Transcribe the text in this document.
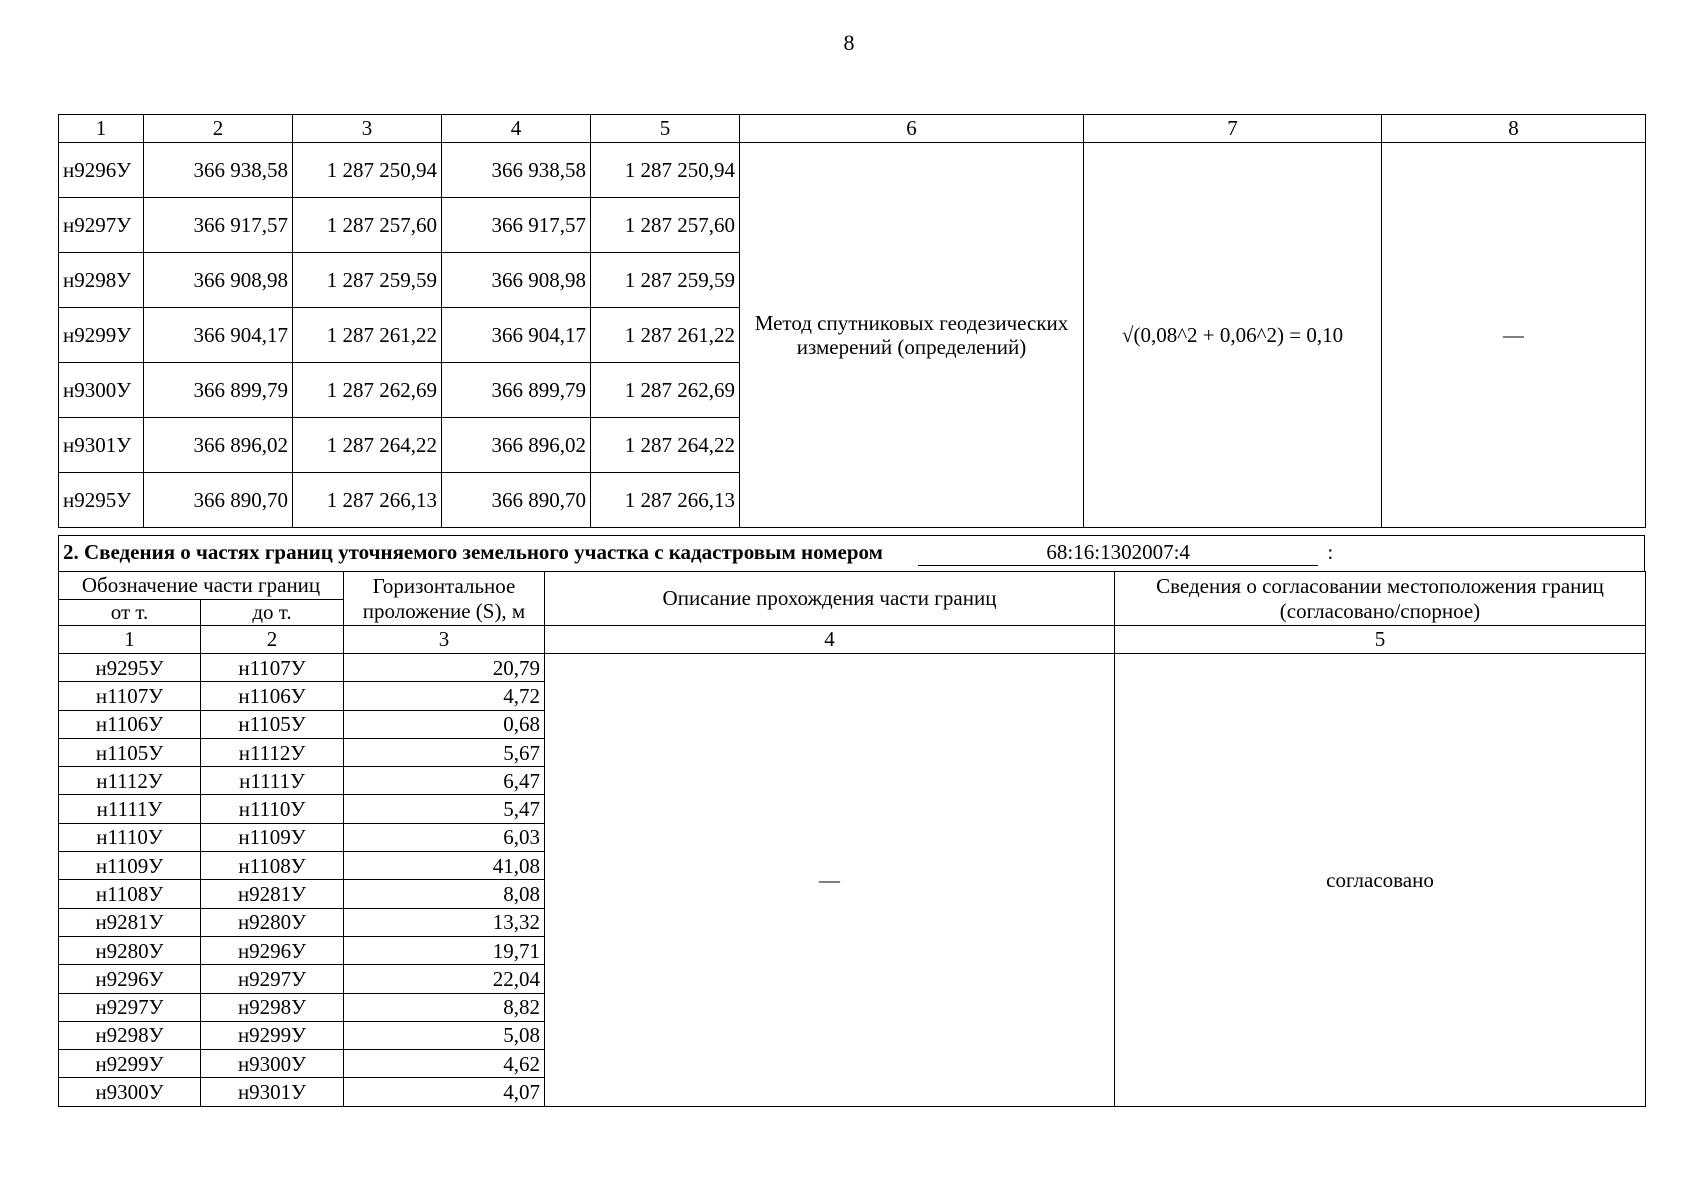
8
1	2	3	4	5	6	7	8
н9296У	366 938,58	1 287 250,94	366 938,58	1 287 250,94	Метод спутниковых геодезических измерений (определений)	√(0,08^2 + 0,06^2) = 0,10	—
н9297У	366 917,57	1 287 257,60	366 917,57	1 287 257,60			
н9298У	366 908,98	1 287 259,59	366 908,98	1 287 259,59			
н9299У	366 904,17	1 287 261,22	366 904,17	1 287 261,22			
н9300У	366 899,79	1 287 262,69	366 899,79	1 287 262,69			
н9301У	366 896,02	1 287 264,22	366 896,02	1 287 264,22			
н9295У	366 890,70	1 287 266,13	366 890,70	1 287 266,13			
2. Сведения о частях границ уточняемого земельного участка с кадастровым номером	68:16:1302007:4	:
Обозначение части границ		Горизонтальное проложение (S), м	Описание прохождения части границ	Сведения о согласовании местоположения границ (согласовано/спорное)
от т.	до т.			
1	2	3	4	5
н9295У	н1107У	20,79	—	согласовано
н1107У	н1106У	4,72		
н1106У	н1105У	0,68		
н1105У	н1112У	5,67		
н1112У	н1111У	6,47		
н1111У	н1110У	5,47		
н1110У	н1109У	6,03		
н1109У	н1108У	41,08		
н1108У	н9281У	8,08		
н9281У	н9280У	13,32		
н9280У	н9296У	19,71		
н9296У	н9297У	22,04		
н9297У	н9298У	8,82		
н9298У	н9299У	5,08		
н9299У	н9300У	4,62		
н9300У	н9301У	4,07		
